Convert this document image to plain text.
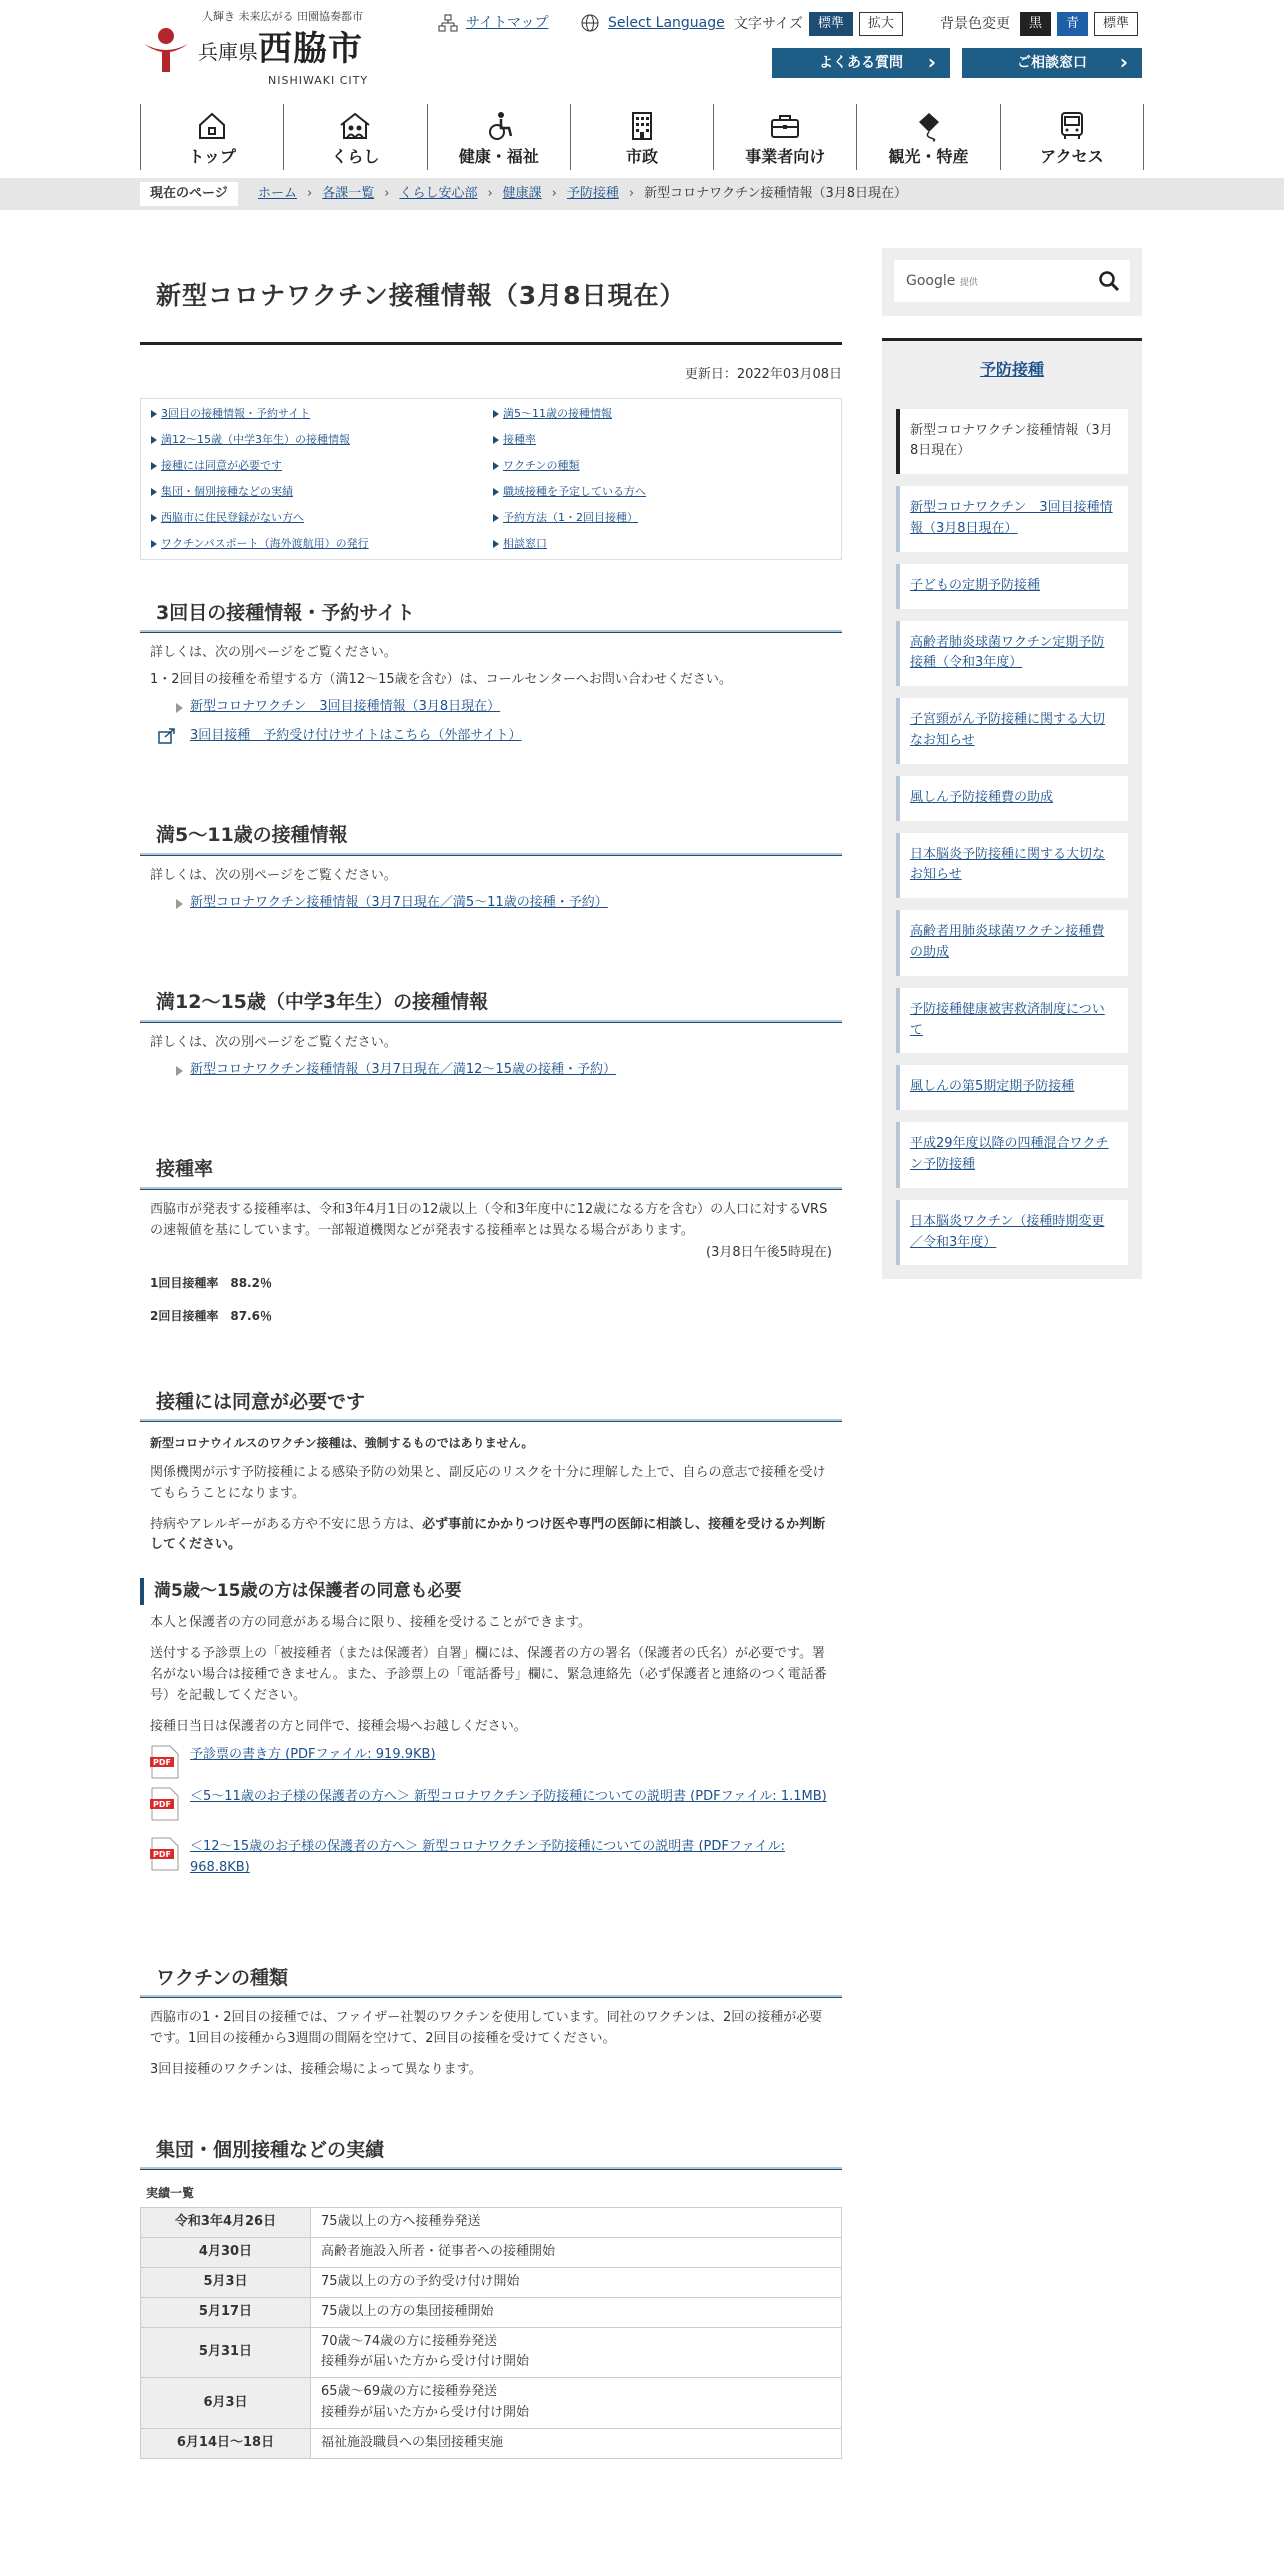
人輝き 未来広がる 田園協奏都市
兵庫県 西脇市
NISHIWAKI CITY
サイトマップ	Select Language 文字サイズ	標準	拡大	背景色変更	黒	青	標準
よくある質問 ›	ご相談窓口 ›
トップ	くらし	健康・福祉	市政	事業者向け	観光・特産	アクセス
現在のページ	ホーム › 各課一覧 › くらし安心部 › 健康課 › 予防接種 › 新型コロナワクチン接種情報（3月8日現在）
新型コロナワクチン接種情報（3月8日現在）
更新日：2022年03月08日
3回目の接種情報・予約サイト	満5～11歳の接種情報
満12～15歳（中学3年生）の接種情報	接種率
接種には同意が必要です	ワクチンの種類
集団・個別接種などの実績	職域接種を予定している方へ
西脇市に住民登録がない方へ	予約方法（1・2回目接種）
ワクチンパスポート（海外渡航用）の発行	相談窓口
3回目の接種情報・予約サイト

詳しくは、次の別ページをご覧ください。

1・2回目の接種を希望する方（満12～15歳を含む）は、コールセンターへお問い合わせください。

新型コロナワクチン　3回目接種情報（3月8日現在）
3回目接種　予約受け付けサイトはこちら（外部サイト）
満5～11歳の接種情報

詳しくは、次の別ページをご覧ください。

新型コロナワクチン接種情報（3月7日現在／満5～11歳の接種・予約）
満12～15歳（中学3年生）の接種情報

詳しくは、次の別ページをご覧ください。

新型コロナワクチン接種情報（3月7日現在／満12～15歳の接種・予約）
接種率

西脇市が発表する接種率は、令和3年4月1日の12歳以上（令和3年度中に12歳になる方を含む）の人口に対するVRSの速報値を基にしています。一部報道機関などが発表する接種率とは異なる場合があります。

(3月8日午後5時現在)

1回目接種率　88.2％

2回目接種率　87.6％

接種には同意が必要です

新型コロナウイルスのワクチン接種は、強制するものではありません。

関係機関が示す予防接種による感染予防の効果と、副反応のリスクを十分に理解した上で、自らの意志で接種を受けてもらうことになります。

持病やアレルギーがある方や不安に思う方は、必ず事前にかかりつけ医や専門の医師に相談し、接種を受けるか判断してください。

満5歳～15歳の方は保護者の同意も必要

本人と保護者の方の同意がある場合に限り、接種を受けることができます。

送付する予診票上の「被接種者（または保護者）自署」欄には、保護者の方の署名（保護者の氏名）が必要です。署名がない場合は接種できません。また、予診票上の「電話番号」欄に、緊急連絡先（必ず保護者と連絡のつく電話番号）を記載してください。

接種日当日は保護者の方と同伴で、接種会場へお越しください。

PDF
予診票の書き方 (PDFファイル: 919.9KB)
PDF
＜5～11歳のお子様の保護者の方へ＞ 新型コロナワクチン予防接種についての説明書 (PDFファイル: 1.1MB)
PDF
＜12～15歳のお子様の保護者の方へ＞ 新型コロナワクチン予防接種についての説明書 (PDFファイル: 968.8KB)
ワクチンの種類

西脇市の1・2回目の接種では、ファイザー社製のワクチンを使用しています。同社のワクチンは、2回の接種が必要です。1回目の接種から3週間の間隔を空けて、2回目の接種を受けてください。

3回目接種のワクチンは、接種会場によって異なります。

集団・個別接種などの実績

実績一覧

令和3年4月26日	75歳以上の方へ接種券発送
4月30日	高齢者施設入所者・従事者への接種開始
5月3日	75歳以上の方の予約受け付け開始
5月17日	75歳以上の方の集団接種開始
5月31日	70歳～74歳の方に接種券発送
接種券が届いた方から受け付け開始
6月3日	65歳～69歳の方に接種券発送
接種券が届いた方から受け付け開始
6月14日～18日	福祉施設職員への集団接種実施
Google 提供
予防接種
新型コロナワクチン接種情報（3月8日現在）
新型コロナワクチン　3回目接種情報（3月8日現在）
子どもの定期予防接種
高齢者肺炎球菌ワクチン定期予防接種（令和3年度）
子宮頸がん予防接種に関する大切なお知らせ
風しん予防接種費の助成
日本脳炎予防接種に関する大切なお知らせ
高齢者用肺炎球菌ワクチン接種費の助成
予防接種健康被害救済制度について
風しんの第5期定期予防接種
平成29年度以降の四種混合ワクチン予防接種
日本脳炎ワクチン（接種時期変更／令和3年度）
